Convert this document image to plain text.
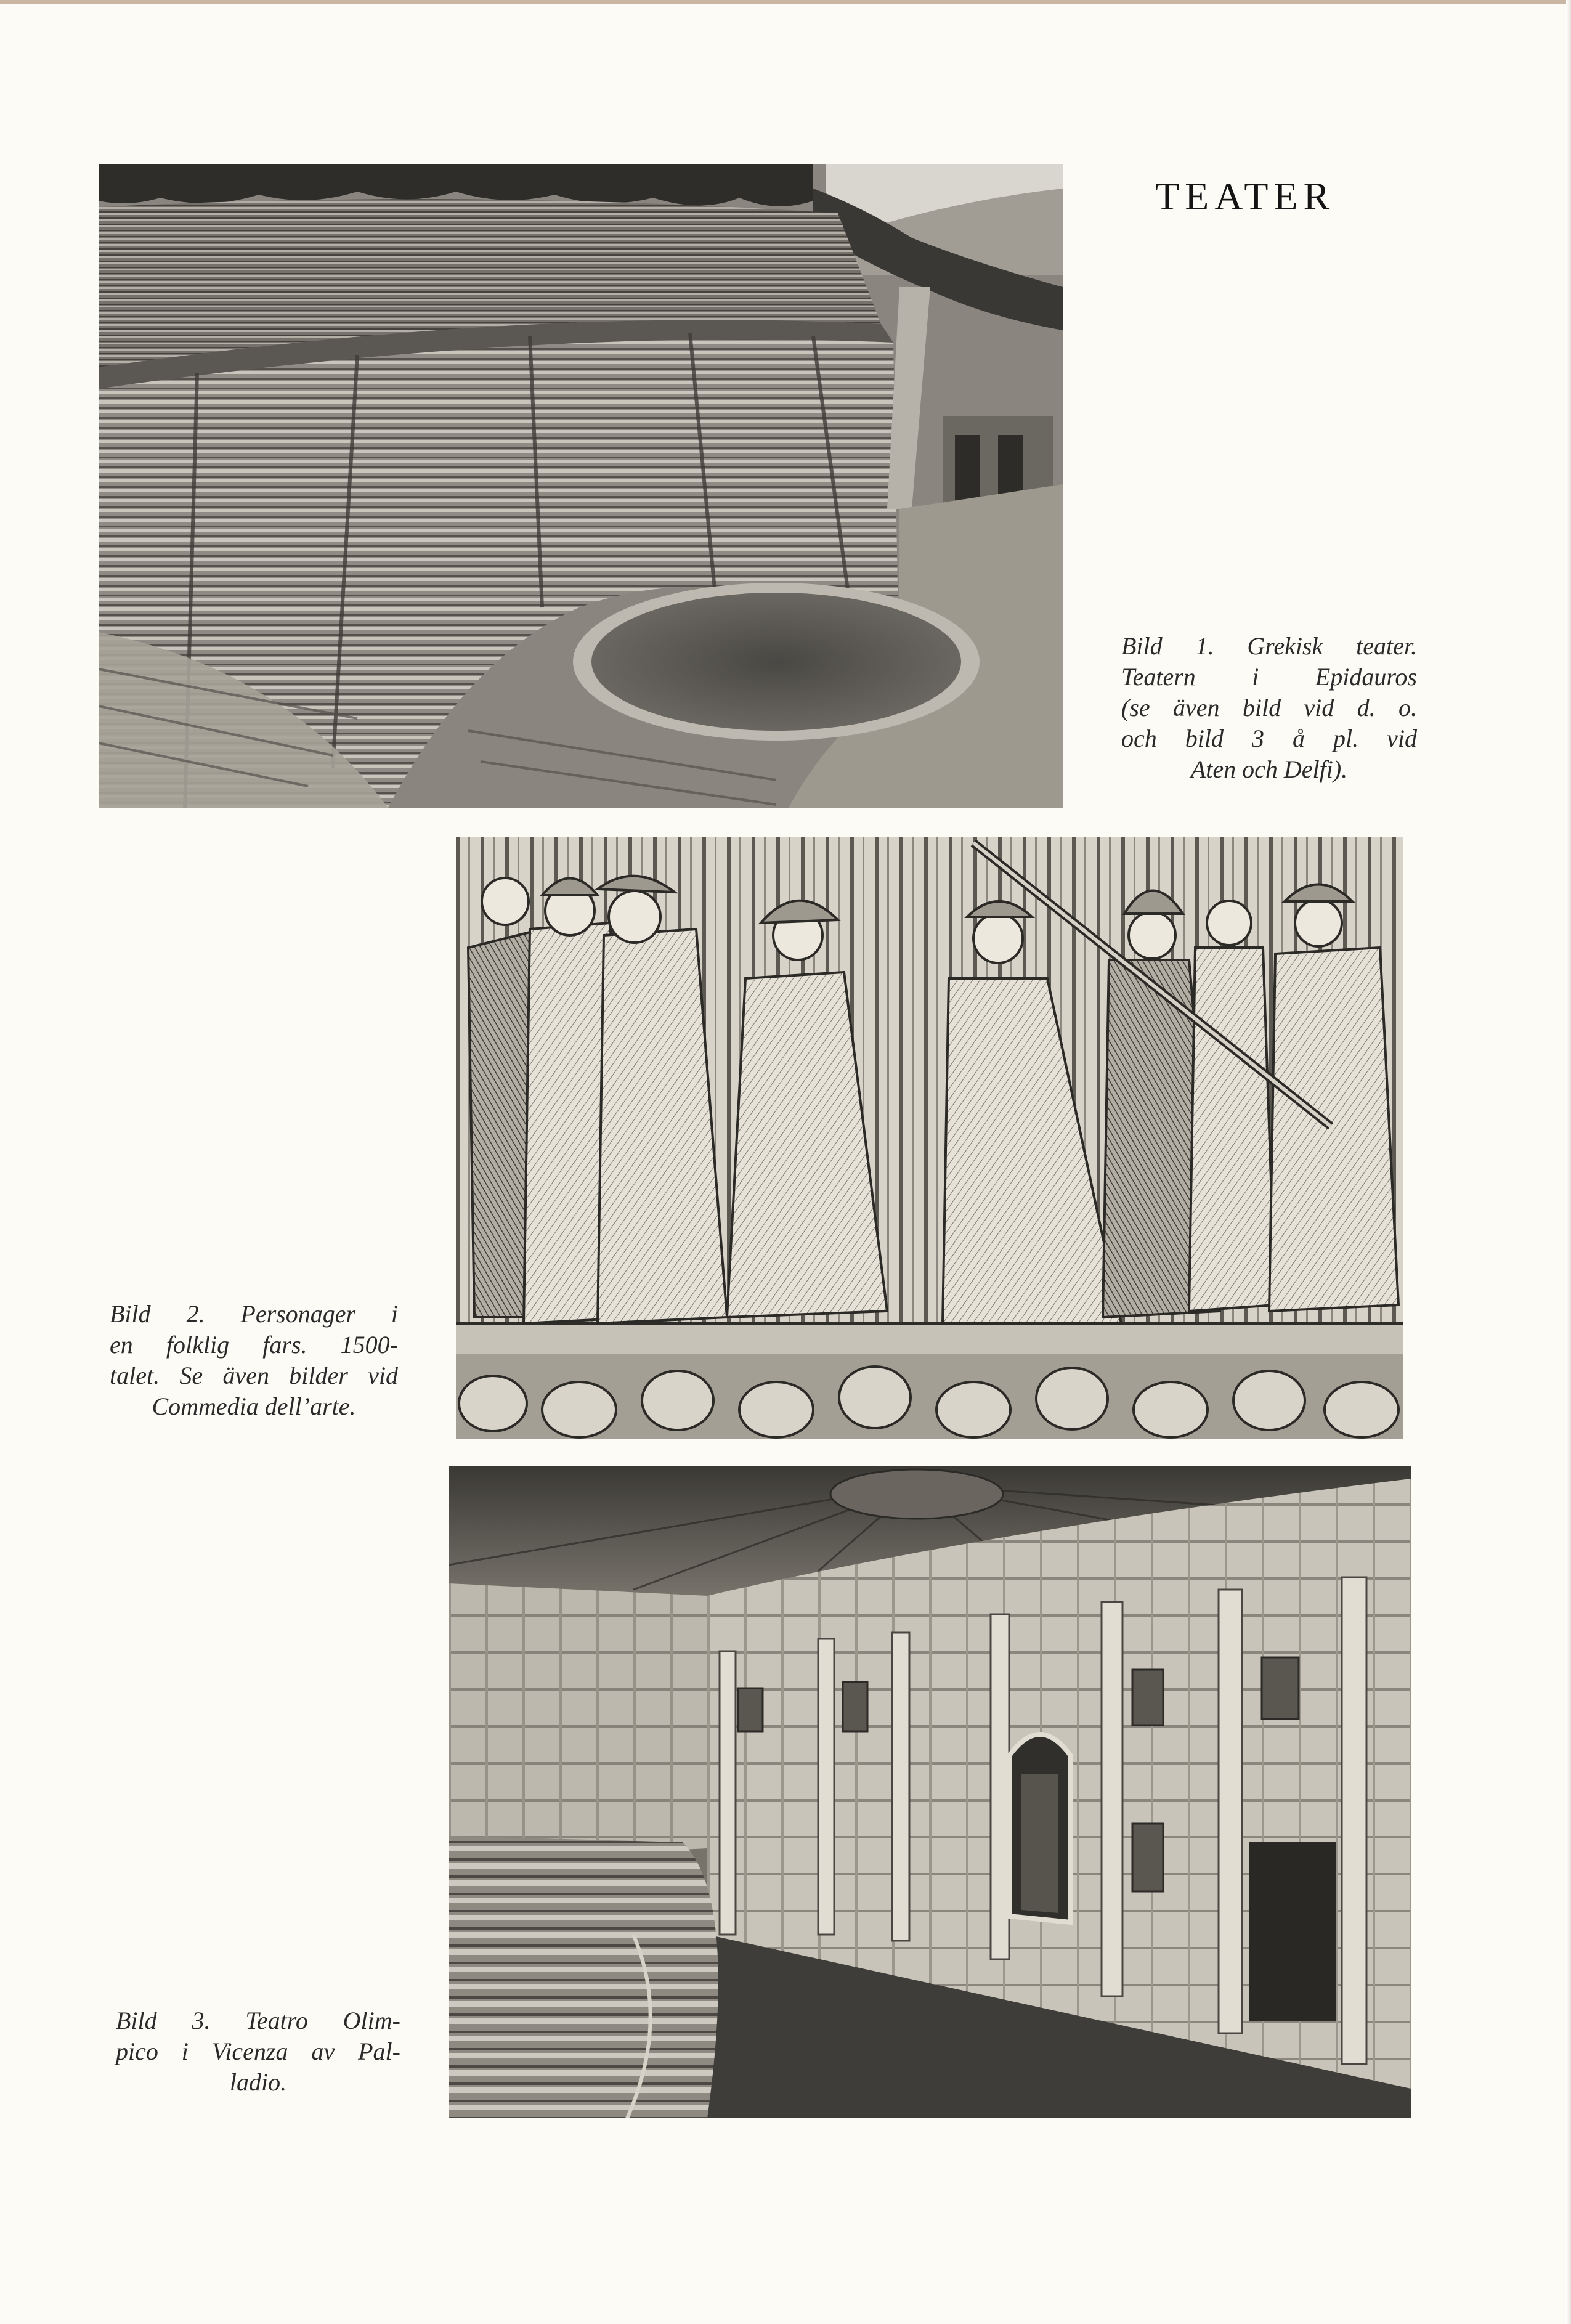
TEATER
Bild 1. Grekisk teater.
Teatern i Epidauros
(se även bild vid d. o.
och bild 3 å pl. vid
Aten och Delfi).
Bild 2. Personager i
en folklig fars. 1500-
talet. Se även bilder vid
Commedia dell’arte.
Bild 3. Teatro Olim-
pico i Vicenza av Pal-
ladio.
